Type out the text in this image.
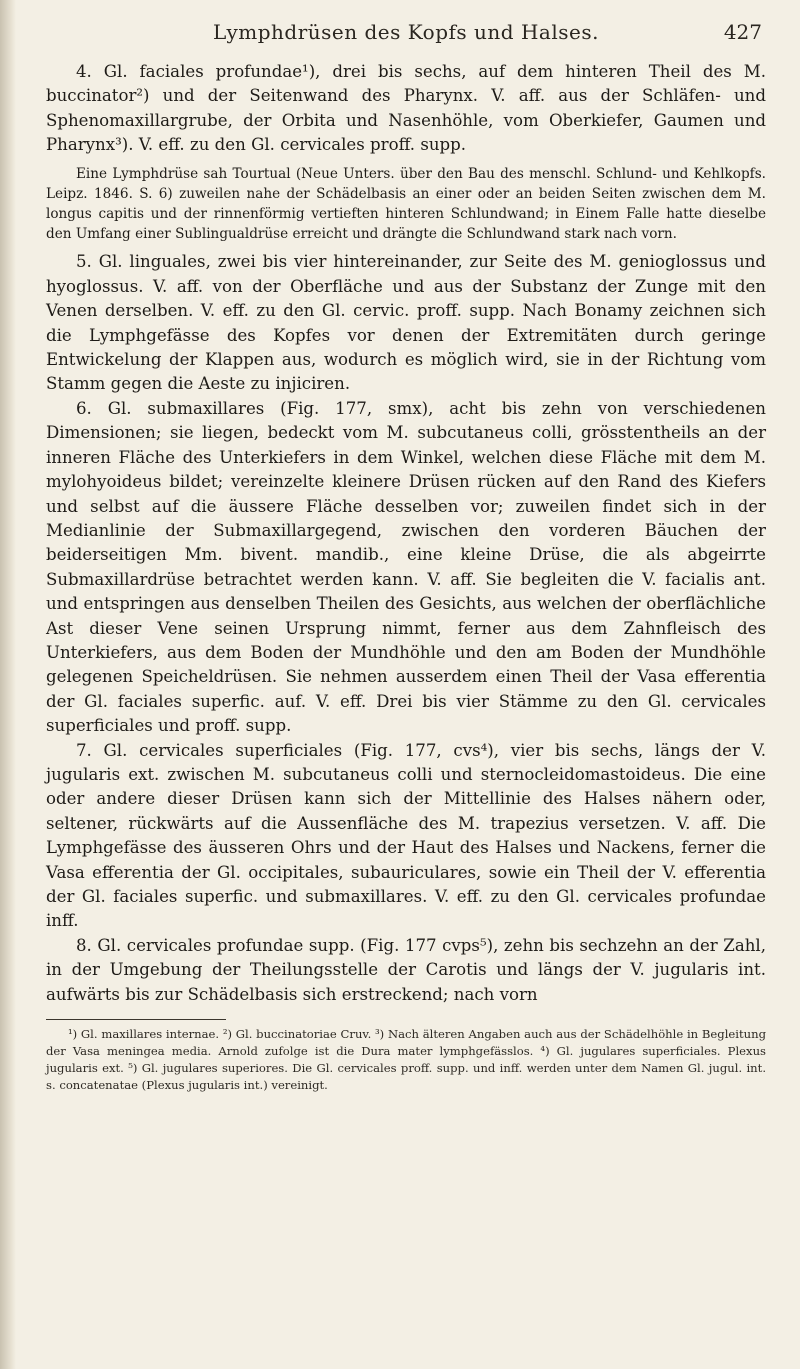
Lymphdrüsen des Kopfs und Halses.	427

4. Gl. faciales profundae¹), drei bis sechs, auf dem hinteren Theil des M. buccinator²) und der Seitenwand des Pharynx. V. aff. aus der Schläfen- und Sphenomaxillargrube, der Orbita und Nasenhöhle, vom Oberkiefer, Gaumen und Pharynx³). V. eff. zu den Gl. cervicales proff. supp.

Eine Lymphdrüse sah Tourtual (Neue Unters. über den Bau des menschl. Schlund- und Kehlkopfs. Leipz. 1846. S. 6) zuweilen nahe der Schädelbasis an einer oder an beiden Seiten zwischen dem M. longus capitis und der rinnenförmig vertieften hinteren Schlundwand; in Einem Falle hatte dieselbe den Umfang einer Sublingualdrüse erreicht und drängte die Schlundwand stark nach vorn.

5. Gl. linguales, zwei bis vier hintereinander, zur Seite des M. genioglossus und hyoglossus. V. aff. von der Oberfläche und aus der Substanz der Zunge mit den Venen derselben. V. eff. zu den Gl. cervic. proff. supp. Nach Bonamy zeichnen sich die Lymphgefässe des Kopfes vor denen der Extremitäten durch geringe Entwickelung der Klappen aus, wodurch es möglich wird, sie in der Richtung vom Stamm gegen die Aeste zu injiciren.

6. Gl. submaxillares (Fig. 177, smx), acht bis zehn von verschiedenen Dimensionen; sie liegen, bedeckt vom M. subcutaneus colli, grösstentheils an der inneren Fläche des Unterkiefers in dem Winkel, welchen diese Fläche mit dem M. mylohyoideus bildet; vereinzelte kleinere Drüsen rücken auf den Rand des Kiefers und selbst auf die äussere Fläche desselben vor; zuweilen findet sich in der Medianlinie der Submaxillargegend, zwischen den vorderen Bäuchen der beiderseitigen Mm. bivent. mandib., eine kleine Drüse, die als abgeirrte Submaxillardrüse betrachtet werden kann. V. aff. Sie begleiten die V. facialis ant. und entspringen aus denselben Theilen des Gesichts, aus welchen der oberflächliche Ast dieser Vene seinen Ursprung nimmt, ferner aus dem Zahnfleisch des Unterkiefers, aus dem Boden der Mundhöhle und den am Boden der Mundhöhle gelegenen Speicheldrüsen. Sie nehmen ausserdem einen Theil der Vasa efferentia der Gl. faciales superfic. auf. V. eff. Drei bis vier Stämme zu den Gl. cervicales superficiales und proff. supp.

7. Gl. cervicales superficiales (Fig. 177, cvs⁴), vier bis sechs, längs der V. jugularis ext. zwischen M. subcutaneus colli und sternocleidomastoideus. Die eine oder andere dieser Drüsen kann sich der Mittellinie des Halses nähern oder, seltener, rückwärts auf die Aussenfläche des M. trapezius versetzen. V. aff. Die Lymphgefässe des äusseren Ohrs und der Haut des Halses und Nackens, ferner die Vasa efferentia der Gl. occipitales, subauriculares, sowie ein Theil der V. efferentia der Gl. faciales superfic. und submaxillares. V. eff. zu den Gl. cervicales profundae inff.

8. Gl. cervicales profundae supp. (Fig. 177 cvps⁵), zehn bis sechzehn an der Zahl, in der Umgebung der Theilungsstelle der Carotis und längs der V. jugularis int. aufwärts bis zur Schädelbasis sich erstreckend; nach vorn

¹) Gl. maxillares internae. ²) Gl. buccinatoriae Cruv. ³) Nach älteren Angaben auch aus der Schädelhöhle in Begleitung der Vasa meningea media. Arnold zufolge ist die Dura mater lymphgefässlos. ⁴) Gl. jugulares superficiales. Plexus jugularis ext. ⁵) Gl. jugulares superiores. Die Gl. cervicales proff. supp. und inff. werden unter dem Namen Gl. jugul. int. s. concatenatae (Plexus jugularis int.) vereinigt.
